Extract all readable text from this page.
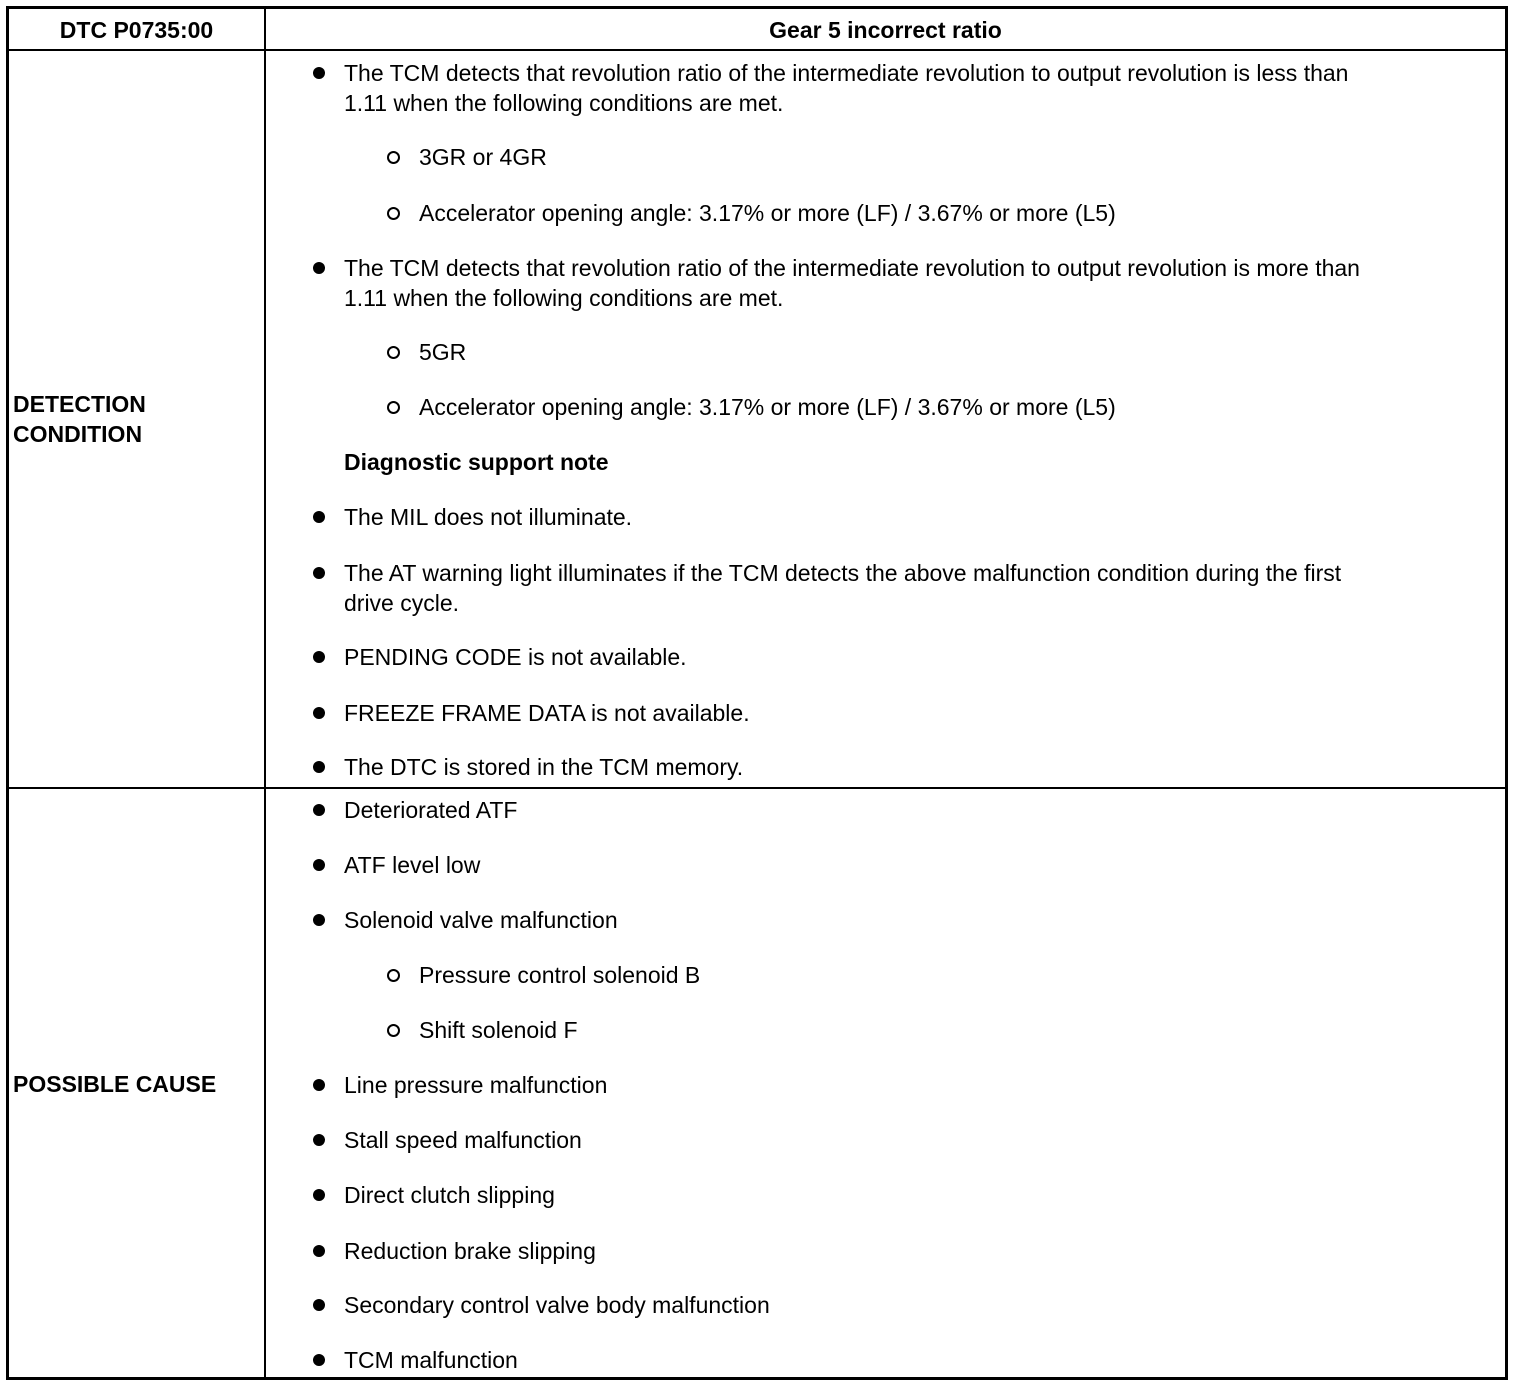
DTC P0735:00	Gear 5 incorrect ratio
DETECTION
CONDITION
The TCM detects that revolution ratio of the intermediate revolution to output revolution is less than
1.11 when the following conditions are met.
3GR or 4GR
Accelerator opening angle: 3.17% or more (LF) / 3.67% or more (L5)
The TCM detects that revolution ratio of the intermediate revolution to output revolution is more than
1.11 when the following conditions are met.
5GR
Accelerator opening angle: 3.17% or more (LF) / 3.67% or more (L5)
Diagnostic support note
The MIL does not illuminate.
The AT warning light illuminates if the TCM detects the above malfunction condition during the first
drive cycle.
PENDING CODE is not available.
FREEZE FRAME DATA is not available.
The DTC is stored in the TCM memory.
POSSIBLE CAUSE
Deteriorated ATF
ATF level low
Solenoid valve malfunction
Pressure control solenoid B
Shift solenoid F
Line pressure malfunction
Stall speed malfunction
Direct clutch slipping
Reduction brake slipping
Secondary control valve body malfunction
TCM malfunction
